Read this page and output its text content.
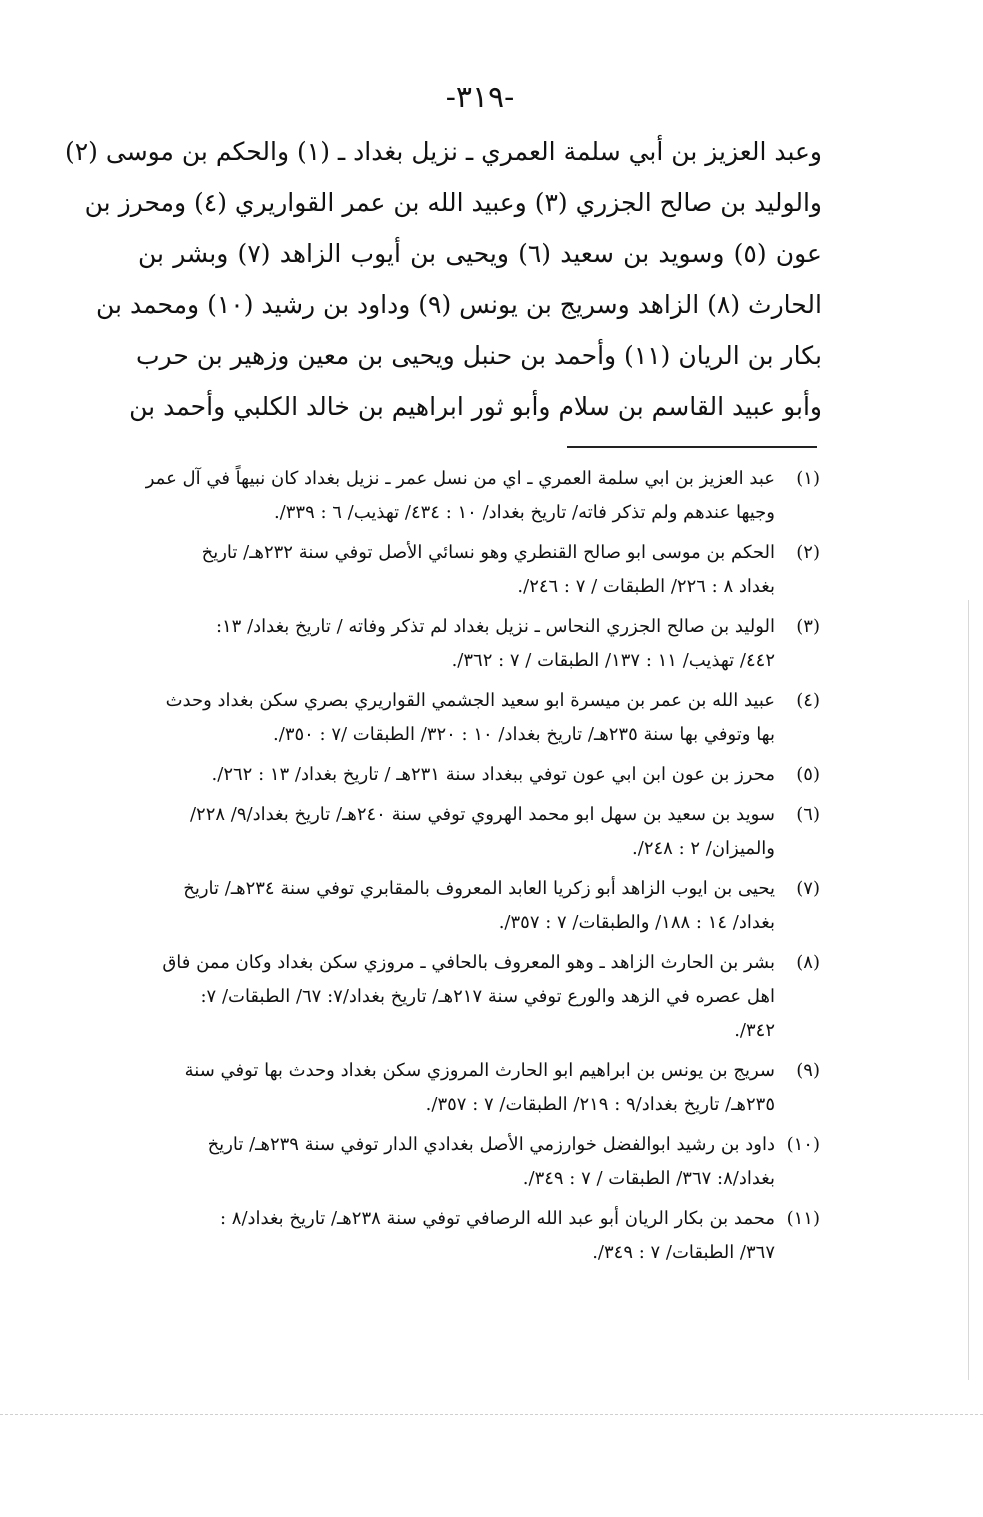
-٣١٩-
وعبد العزيز بن أبي سلمة العمري ـ نزيل بغداد ـ (١) والحكم بن موسى (٢)
والوليد بن صالح الجزري (٣) وعبيد الله بن عمر القواريري (٤) ومحرز بن
عون (٥) وسويد بن سعيد (٦) ويحيى بن أيوب الزاهد (٧) وبشر بن
الحارث (٨) الزاهد وسريج بن يونس (٩) وداود بن رشيد (١٠) ومحمد بن
بكار بن الريان (١١) وأحمد بن حنبل ويحيى بن معين وزهير بن حرب
وأبو عبيد القاسم بن سلام وأبو ثور ابراهيم بن خالد الكلبي وأحمد بن
(١)
عبد العزيز بن ابي سلمة العمري ـ اي من نسل عمر ـ نزيل بغداد كان نبيهاً في آل عمر
وجيها عندهم ولم تذكر فاته/ تاريخ بغداد/ ١٠ : ٤٣٤/ تهذيب/ ٦ : ٣٣٩/.
(٢)
الحكم بن موسى ابو صالح القنطري وهو نسائي الأصل توفي سنة ٢٣٢هـ/ تاريخ
بغداد ٨ : ٢٢٦/ الطبقات / ٧ : ٢٤٦/.
(٣)
الوليد بن صالح الجزري النحاس ـ نزيل بغداد لم تذكر وفاته / تاريخ بغداد/ ١٣:
٤٤٢/ تهذيب/ ١١ : ١٣٧/ الطبقات / ٧ : ٣٦٢/.
(٤)
عبيد الله بن عمر بن ميسرة ابو سعيد الجشمي القواريري بصري سكن بغداد وحدث
بها وتوفي بها سنة ٢٣٥هـ/ تاريخ بغداد/ ١٠ : ٣٢٠/ الطبقات /٧ : ٣٥٠/.
(٥)
محرز بن عون ابن ابي عون توفي ببغداد سنة ٢٣١هـ / تاريخ بغداد/ ١٣ : ٢٦٢/.
(٦)
سويد بن سعيد بن سهل ابو محمد الهروي توفي سنة ٢٤٠هـ/ تاريخ بغداد/٩/ ٢٢٨/
والميزان/ ٢ : ٢٤٨/.
(٧)
يحيى بن ايوب الزاهد أبو زكريا العابد المعروف بالمقابري توفي سنة ٢٣٤هـ/ تاريخ
بغداد/ ١٤ : ١٨٨/ والطبقات/ ٧ : ٣٥٧/.
(٨)
بشر بن الحارث الزاهد ـ وهو المعروف بالحافي ـ مروزي سكن بغداد وكان ممن فاق
اهل عصره في الزهد والورع توفي سنة ٢١٧هـ/ تاريخ بغداد/٧: ٦٧/ الطبقات/ ٧:
٣٤٢/.
(٩)
سريج بن يونس بن ابراهيم ابو الحارث المروزي سكن بغداد وحدث بها توفي سنة
٢٣٥هـ/ تاريخ بغداد/٩ : ٢١٩/ الطبقات/ ٧ : ٣٥٧/.
(١٠)
داود بن رشيد ابوالفضل خوارزمي الأصل بغدادي الدار توفي سنة ٢٣٩هـ/ تاريخ
بغداد/٨: ٣٦٧/ الطبقات / ٧ : ٣٤٩/.
(١١)
محمد بن بكار الريان أبو عبد الله الرصافي توفي سنة ٢٣٨هـ/ تاريخ بغداد/٨ :
٣٦٧/ الطبقات/ ٧ : ٣٤٩/.
